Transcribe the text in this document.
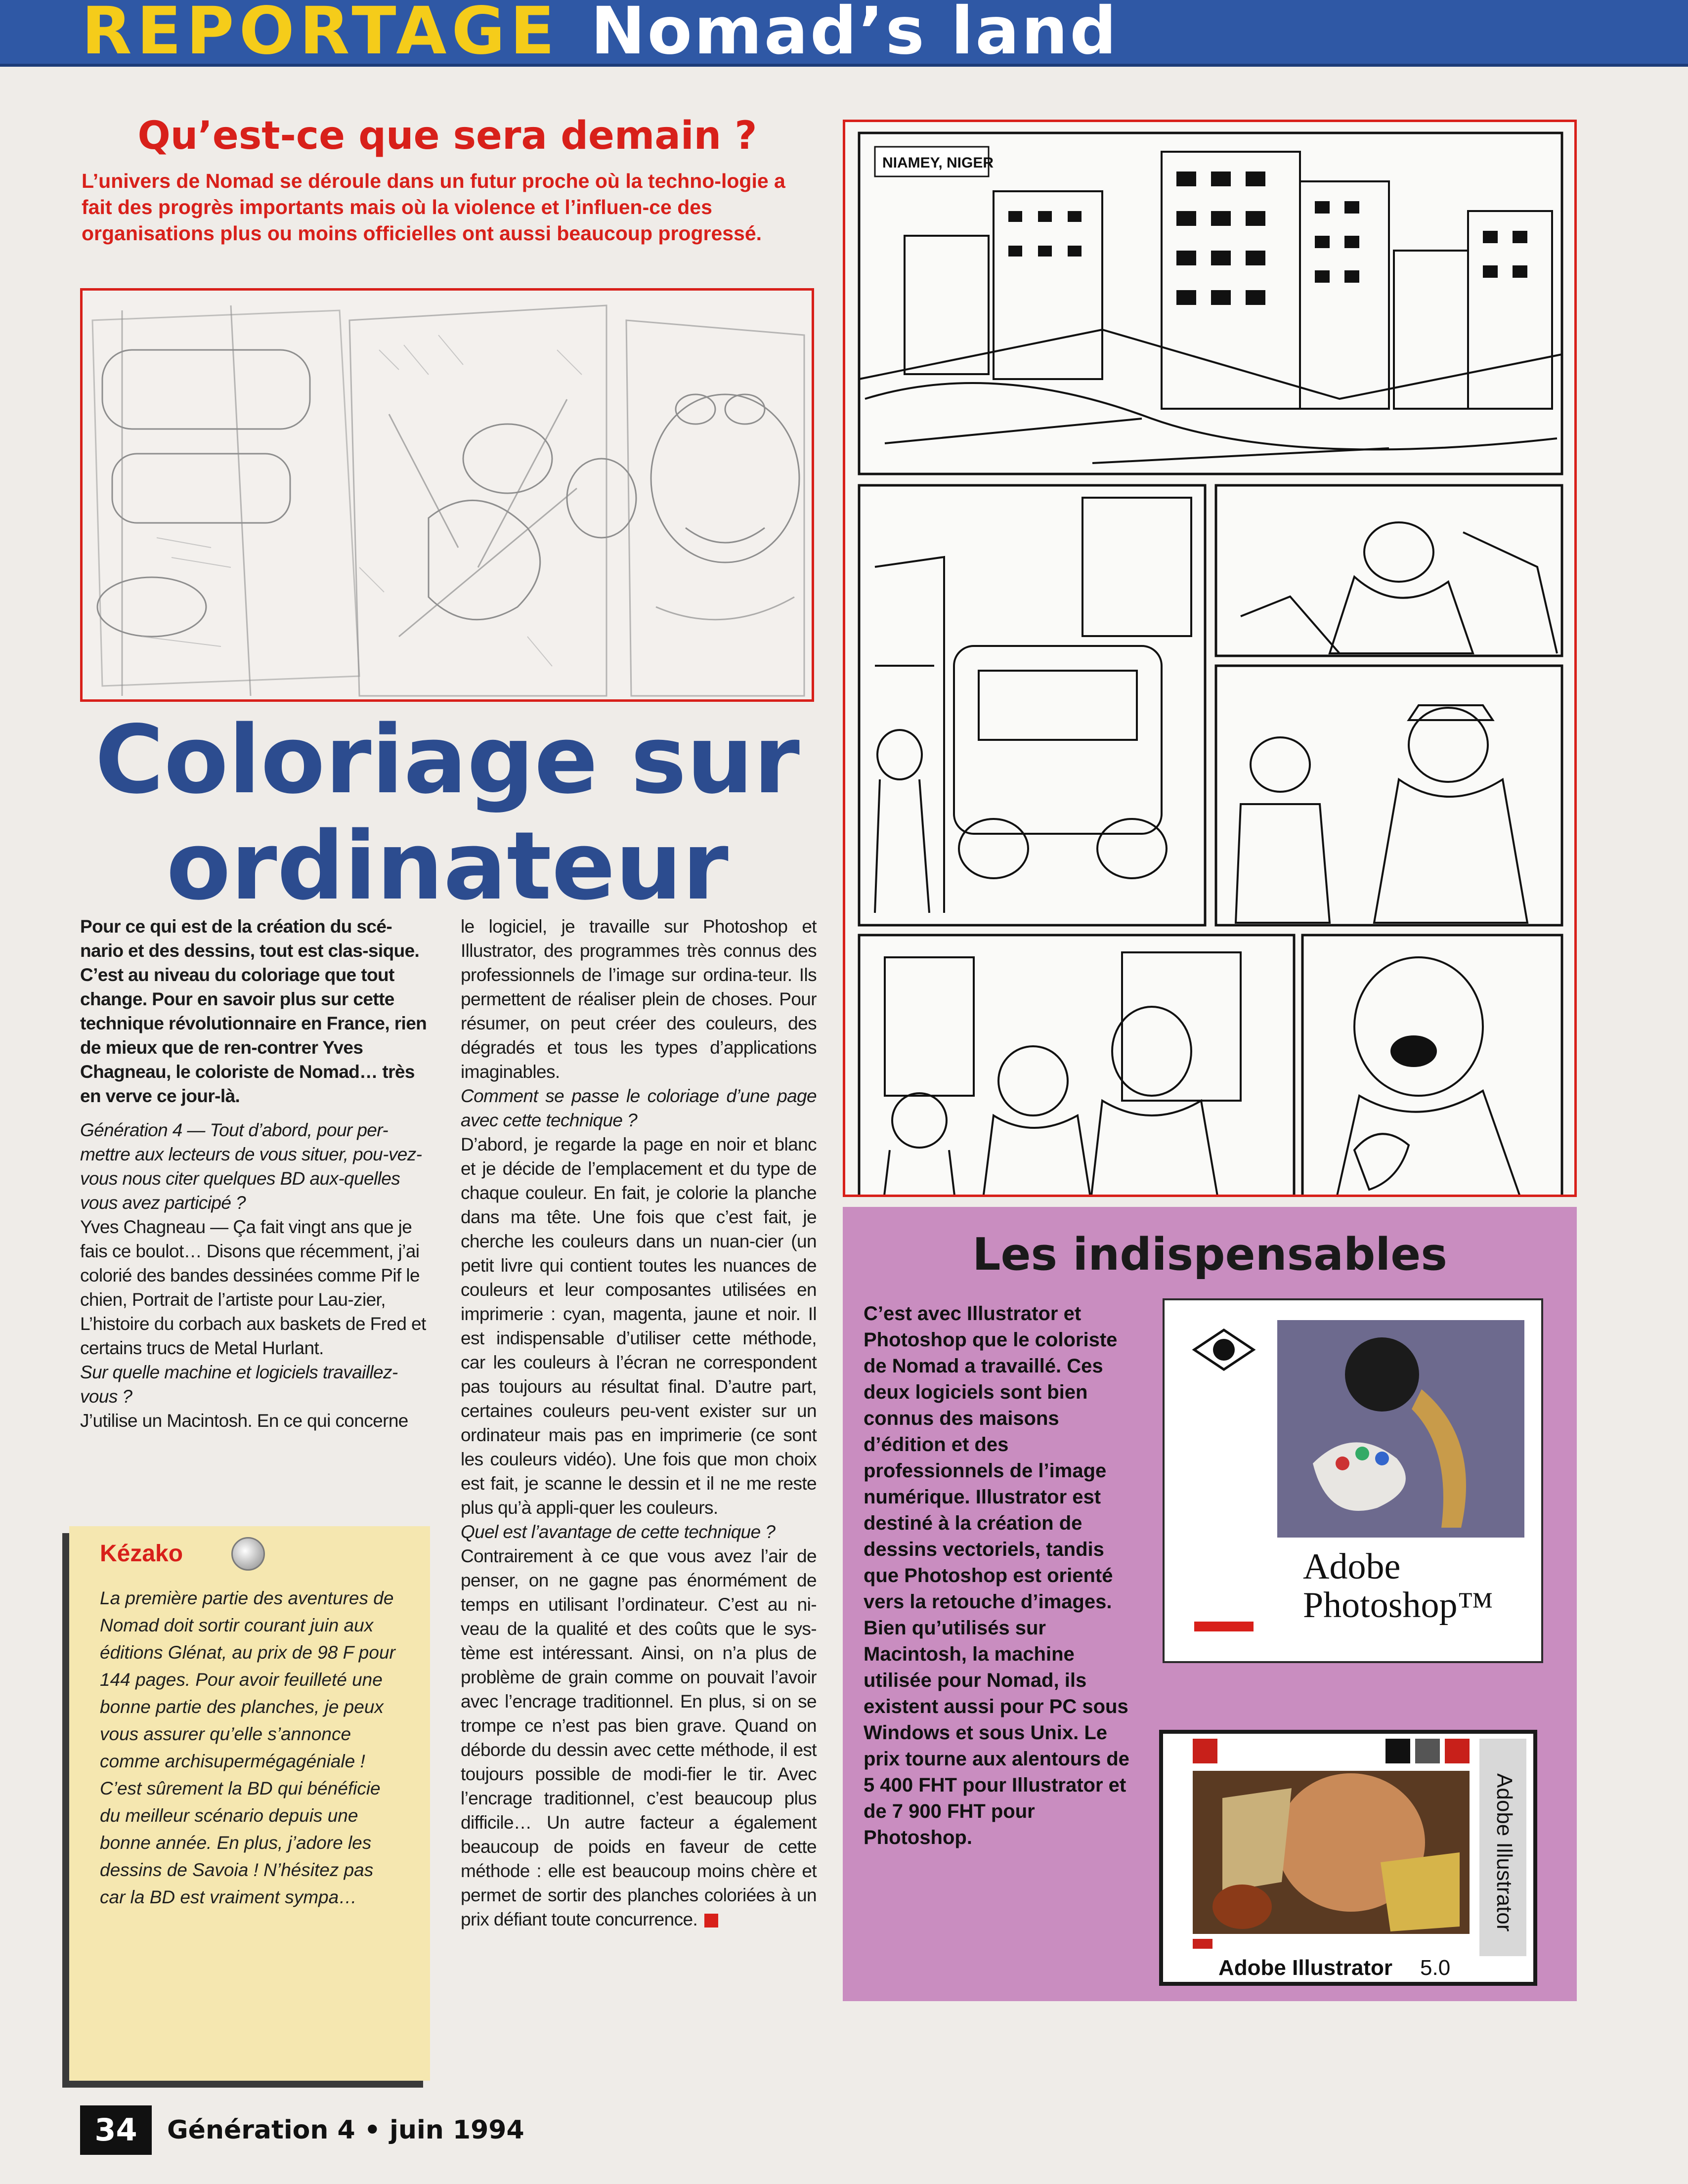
REPORTAGE Nomad’s land
Qu’est-ce que sera demain ?
L’univers de Nomad se déroule dans un futur proche où la techno-logie a fait des progrès importants mais où la violence et l’influen-ce des organisations plus ou moins officielles ont aussi beaucoup progressé.
Coloriage sur
ordinateur

Pour ce qui est de la création du scé-nario et des dessins, tout est clas-sique. C’est au niveau du coloriage que tout change. Pour en savoir plus sur cette technique révolutionnaire en France, rien de mieux que de ren-contrer Yves Chagneau, le coloriste de Nomad… très en verve ce jour-là.

Génération 4 — Tout d’abord, pour per-mettre aux lecteurs de vous situer, pou-vez-vous nous citer quelques BD aux-quelles vous avez participé ?

Yves Chagneau — Ça fait vingt ans que je fais ce boulot… Disons que récemment, j’ai colorié des bandes dessinées comme Pif le chien, Portrait de l’artiste pour Lau-zier, L’histoire du corbach aux baskets de Fred et certains trucs de Metal Hurlant.

Sur quelle machine et logiciels travaillez-vous ?

J’utilise un Macintosh. En ce qui concerne

le logiciel, je travaille sur Photoshop et Illustrator, des programmes très connus des professionnels de l’image sur ordina-teur. Ils permettent de réaliser plein de choses. Pour résumer, on peut créer des couleurs, des dégradés et tous les types d’applications imaginables.

Comment se passe le coloriage d’une page avec cette technique ?

D’abord, je regarde la page en noir et blanc et je décide de l’emplacement et du type de chaque couleur. En fait, je colorie la planche dans ma tête. Une fois que c’est fait, je cherche les couleurs dans un nuan-cier (un petit livre qui contient toutes les nuances de couleurs et leur composantes utilisées en imprimerie : cyan, magenta, jaune et noir. Il est indispensable d’utiliser cette méthode, car les couleurs à l’écran ne correspondent pas toujours au résultat final. D’autre part, certaines couleurs peu-vent exister sur un ordinateur mais pas en imprimerie (ce sont les couleurs vidéo). Une fois que mon choix est fait, je scanne le dessin et il ne me reste plus qu’à appli-quer les couleurs.

Quel est l’avantage de cette technique ?

Contrairement à ce que vous avez l’air de penser, on ne gagne pas énormément de temps en utilisant l’ordinateur. C’est au ni-veau de la qualité et des coûts que le sys-tème est intéressant. Ainsi, on n’a plus de problème de grain comme on pouvait l’avoir avec l’encrage traditionnel. En plus, si on se trompe ce n’est pas bien grave. Quand on déborde du dessin avec cette méthode, il est toujours possible de modi-fier le tir. Avec l’encrage traditionnel, c’est beaucoup plus difficile… Un autre facteur a également beaucoup de poids en faveur de cette méthode : elle est beaucoup moins chère et permet de sortir des planches coloriées à un prix défiant toute concurrence.

Kézako
La première partie des aventures de Nomad doit sortir courant juin aux éditions Glénat, au prix de 98 F pour 144 pages. Pour avoir feuilleté une bonne partie des planches, je peux vous assurer qu’elle s’annonce comme archisupermégagéniale ! C’est sûrement la BD qui bénéficie du meilleur scénario depuis une bonne année. En plus, j’adore les dessins de Savoia ! N’hésitez pas car la BD est vraiment sympa…
NIAMEY, NIGER
Les indispensables
C’est avec Illustrator et Photoshop que le coloriste de Nomad a travaillé. Ces deux logiciels sont bien connus des maisons d’édition et des professionnels de l’image numérique. Illustrator est destiné à la création de dessins vectoriels, tandis que Photoshop est orienté vers la retouche d’images. Bien qu’utilisés sur Macintosh, la machine utilisée pour Nomad, ils existent aussi pour PC sous Windows et sous Unix. Le prix tourne aux alentours de 5 400 FHT pour Illustrator et de 7 900 FHT pour Photoshop.
Adobe
Photoshop™
Adobe Illustrator
Adobe Illustrator 5.0
34	Génération 4 • juin 1994
